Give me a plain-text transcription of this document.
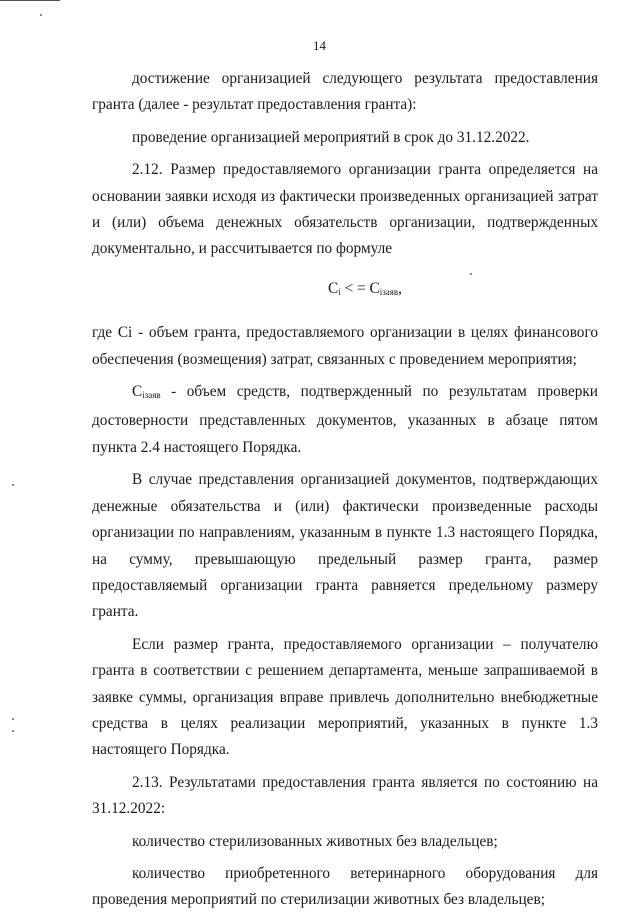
14

достижение организацией следующего результата предоставления гранта (далее - результат предоставления гранта):

проведение организацией мероприятий в срок до 31.12.2022.

2.12. Размер предоставляемого организации гранта определяется на основании заявки исходя из фактически произведенных организацией затрат и (или) объема денежных обязательств организации, подтвержденных документально, и рассчитывается по формуле

$C_i$ < = $C_{iзаяв}$,

где Ci - объем гранта, предоставляемого организации в целях финансового обеспечения (возмещения) затрат, связанных с проведением мероприятия;

$C_{iзаяв}$ - объем средств, подтвержденный по результатам проверки достоверности представленных документов, указанных в абзаце пятом пункта 2.4 настоящего Порядка.

В случае представления организацией документов, подтверждающих денежные обязательства и (или) фактически произведенные расходы организации по направлениям, указанным в пункте 1.3 настоящего Порядка, на сумму, превышающую предельный размер гранта, размер предоставляемый организации гранта равняется предельному размеру гранта.

Если размер гранта, предоставляемого организации – получателю гранта в соответствии с решением департамента, меньше запрашиваемой в заявке суммы, организация вправе привлечь дополнительно внебюджетные средства в целях реализации мероприятий, указанных в пункте 1.3 настоящего Порядка.

2.13. Результатами предоставления гранта является по состоянию на 31.12.2022:

количество стерилизованных животных без владельцев;

количество приобретенного ветеринарного оборудования для проведения мероприятий по стерилизации животных без владельцев;
